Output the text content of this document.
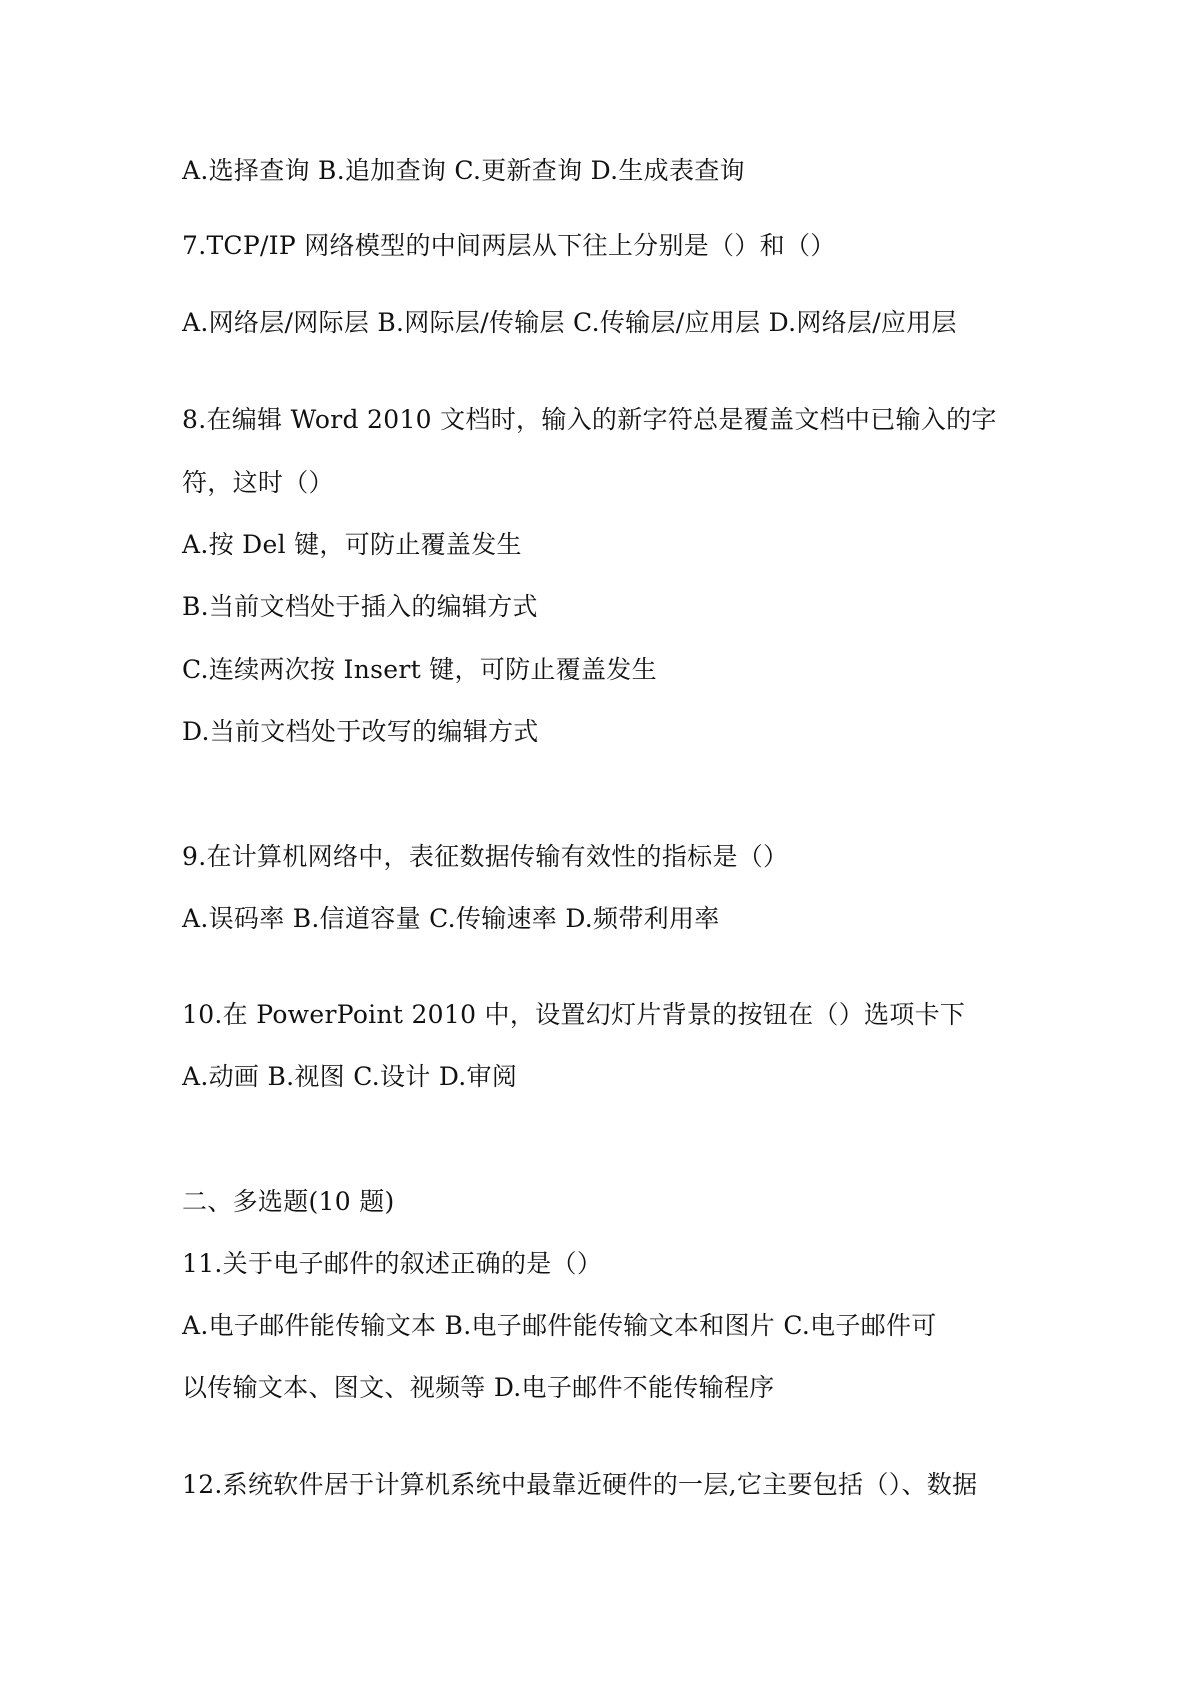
A.选择查询 B.追加查询 C.更新查询 D.生成表查询

7.TCP/IP 网络模型的中间两层从下往上分别是（）和（）

A.网络层/网际层 B.网际层/传输层 C.传输层/应用层 D.网络层/应用层

8.在编辑 Word 2010 文档时，输入的新字符总是覆盖文档中已输入的字

符，这时（）

A.按 Del 键，可防止覆盖发生

B.当前文档处于插入的编辑方式

C.连续两次按 Insert 键，可防止覆盖发生

D.当前文档处于改写的编辑方式

9.在计算机网络中，表征数据传输有效性的指标是（）

A.误码率 B.信道容量 C.传输速率 D.频带利用率

10.在 PowerPoint 2010 中，设置幻灯片背景的按钮在（）选项卡下

A.动画 B.视图 C.设计 D.审阅

二、多选题(10 题)

11.关于电子邮件的叙述正确的是（）

A.电子邮件能传输文本 B.电子邮件能传输文本和图片 C.电子邮件可

以传输文本、图文、视频等 D.电子邮件不能传输程序

12.系统软件居于计算机系统中最靠近硬件的一层,它主要包括（）、数据
